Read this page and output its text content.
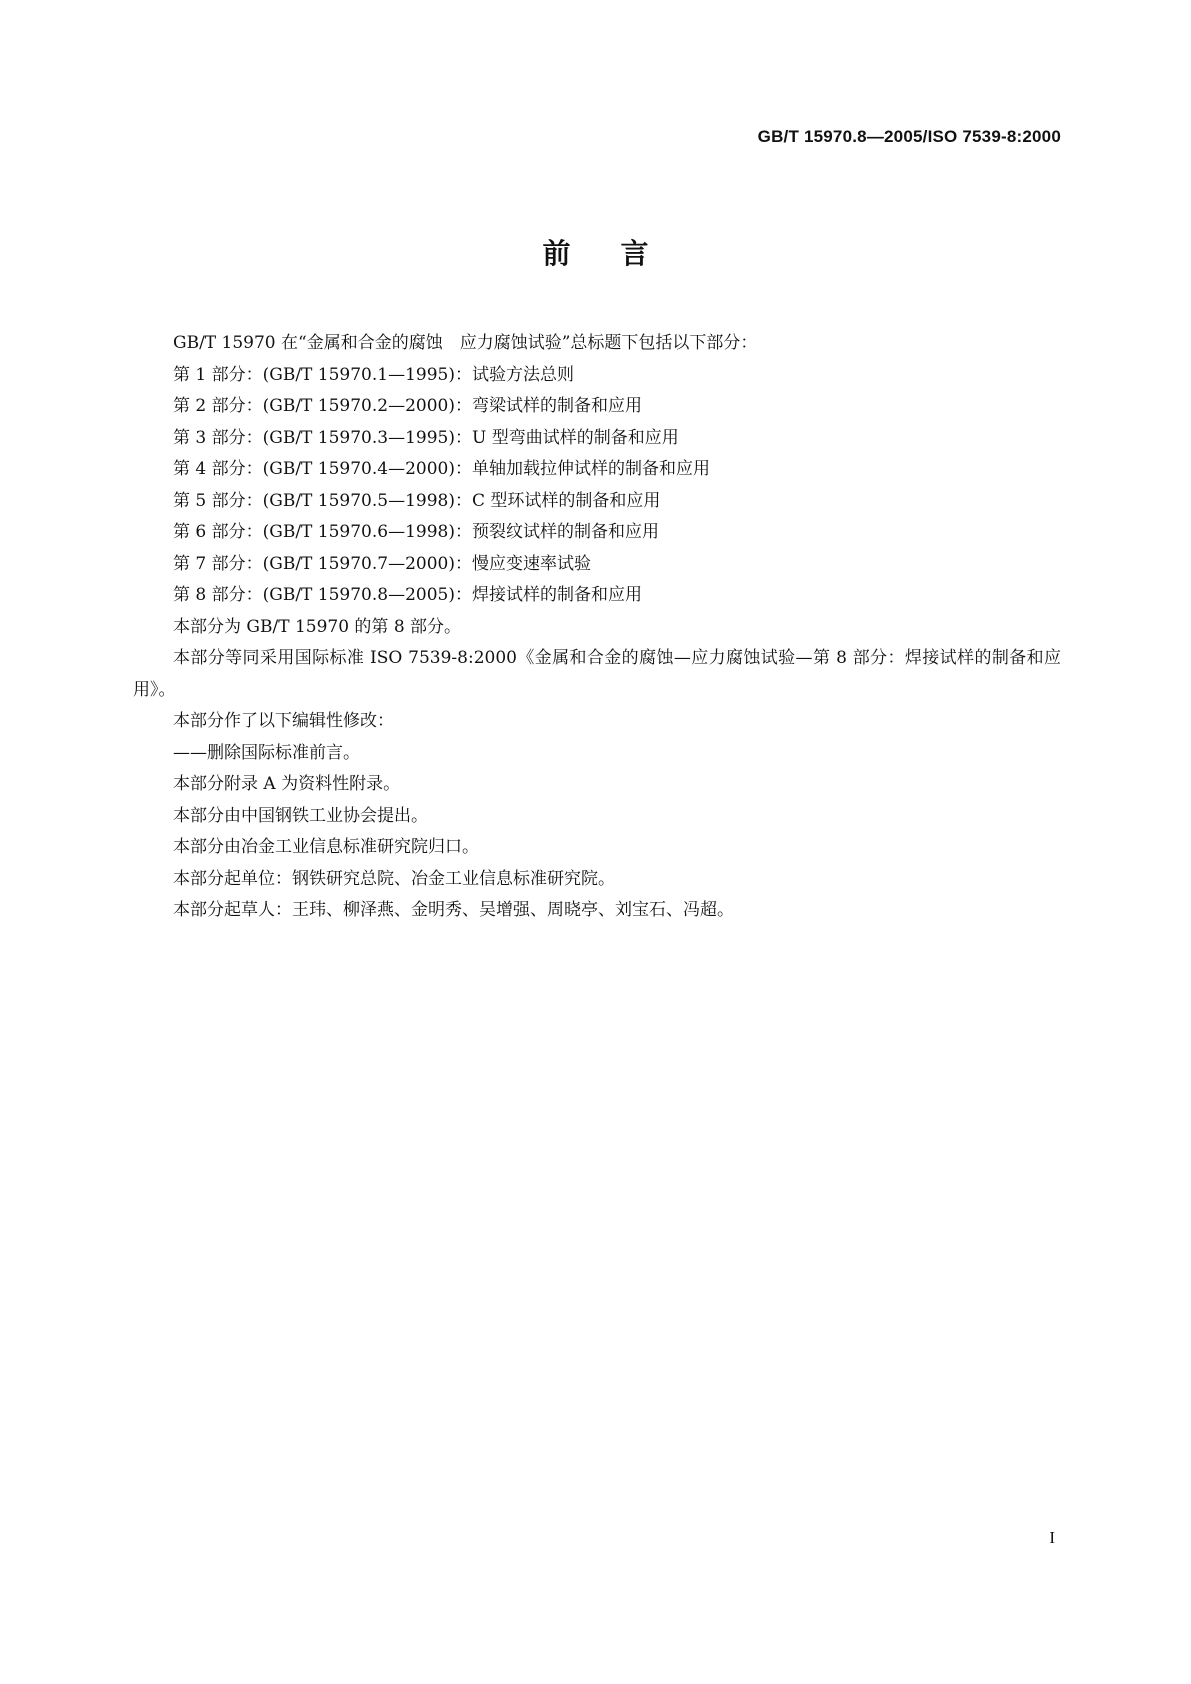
GB/T 15970.8—2005/ISO 7539-8:2000
前言

GB/T 15970 在“金属和合金的腐蚀　应力腐蚀试验”总标题下包括以下部分：

第 1 部分：(GB/T 15970.1—1995)：试验方法总则

第 2 部分：(GB/T 15970.2—2000)：弯梁试样的制备和应用

第 3 部分：(GB/T 15970.3—1995)：U 型弯曲试样的制备和应用

第 4 部分：(GB/T 15970.4—2000)：单轴加载拉伸试样的制备和应用

第 5 部分：(GB/T 15970.5—1998)：C 型环试样的制备和应用

第 6 部分：(GB/T 15970.6—1998)：预裂纹试样的制备和应用

第 7 部分：(GB/T 15970.7—2000)：慢应变速率试验

第 8 部分：(GB/T 15970.8—2005)：焊接试样的制备和应用

本部分为 GB/T 15970 的第 8 部分。

本部分等同采用国际标准 ISO 7539-8:2000《金属和合金的腐蚀—应力腐蚀试验—第 8 部分：焊接试样的制备和应用》。

本部分作了以下编辑性修改：

——删除国际标准前言。

本部分附录 A 为资料性附录。

本部分由中国钢铁工业协会提出。

本部分由冶金工业信息标准研究院归口。

本部分起单位：钢铁研究总院、冶金工业信息标准研究院。

本部分起草人：王玮、柳泽燕、金明秀、吴增强、周晓亭、刘宝石、冯超。

I
